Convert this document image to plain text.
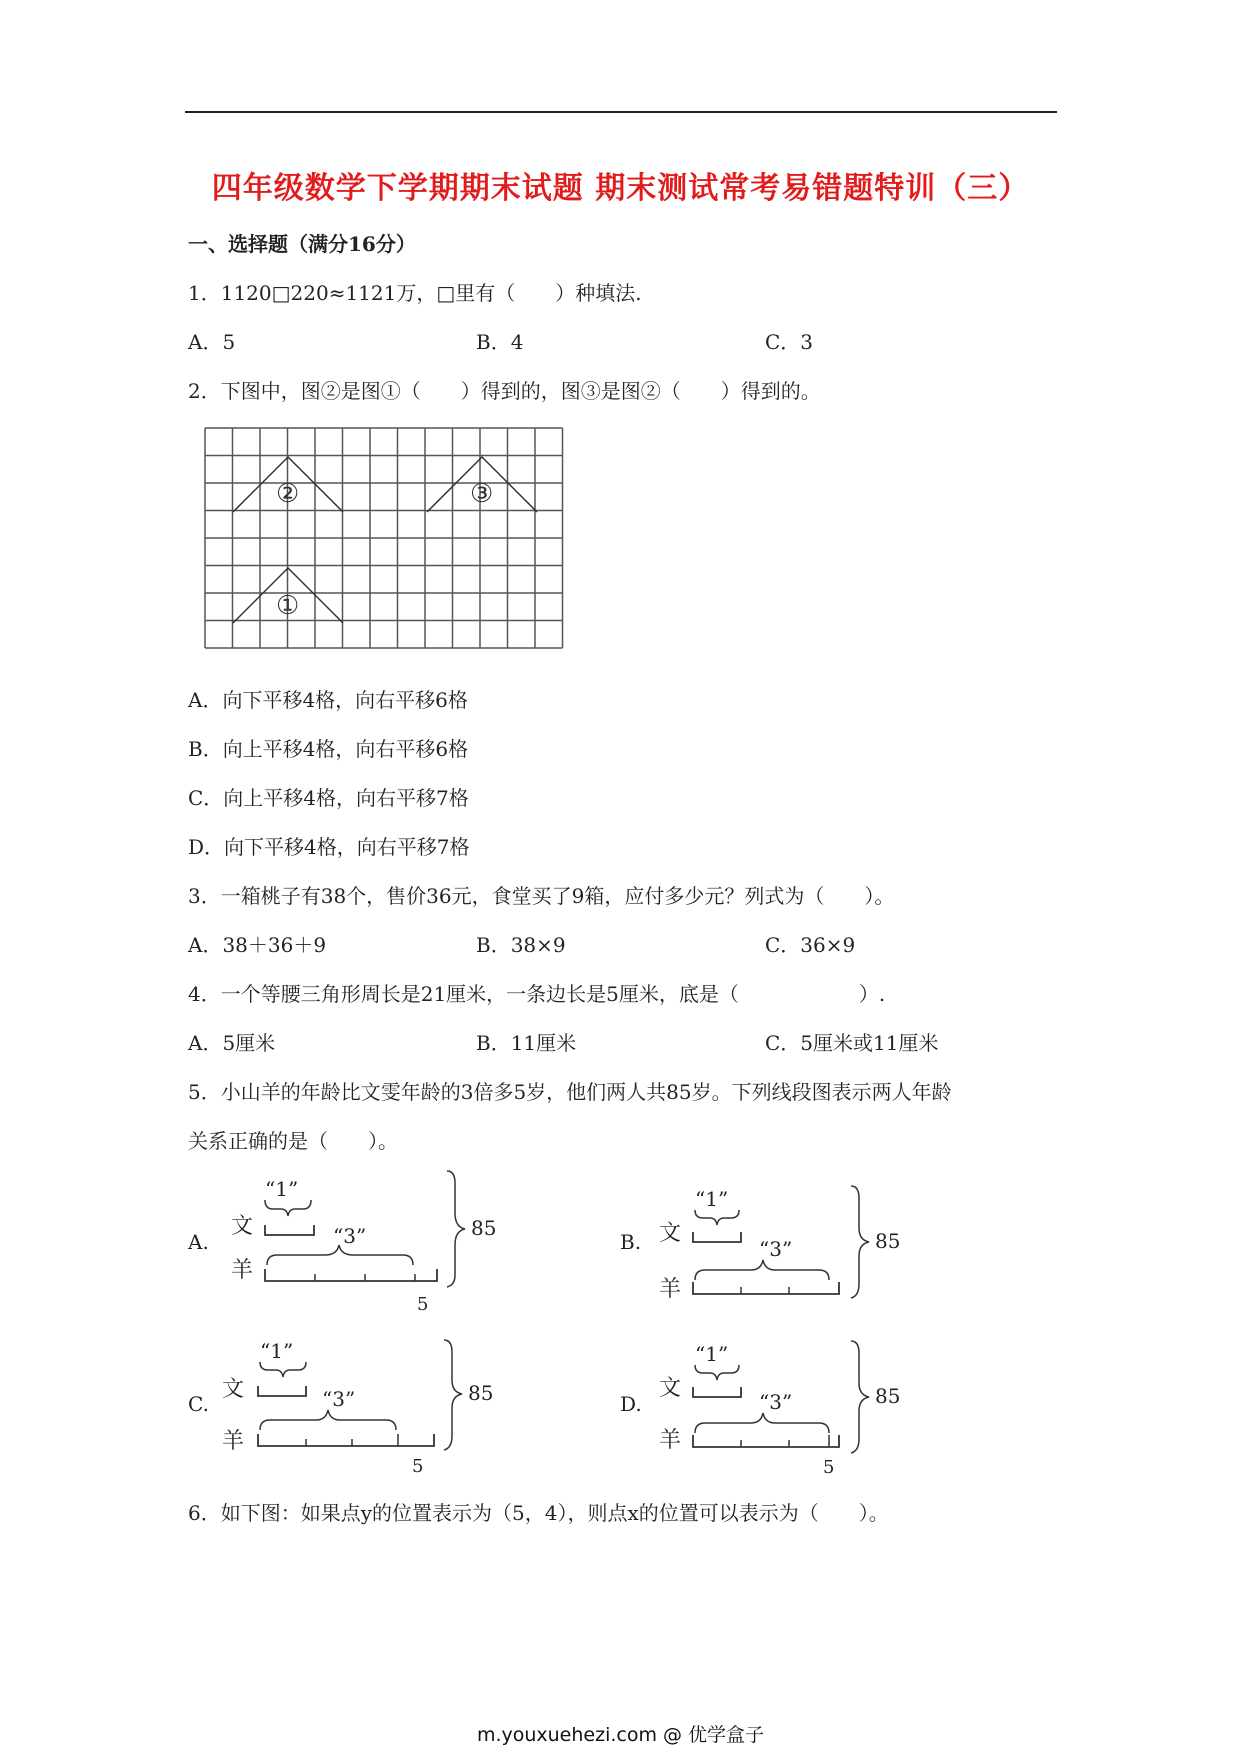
四年级数学下学期期末试题 期末测试常考易错题特训（三）
一、选择题（满分16分）
1．1120□220≈1121万，□里有（　　）种填法.
A．5	B．4	C．3
2．下图中，图②是图①（　　）得到的，图③是图②（　　）得到的。
②	③
①
A．向下平移4格，向右平移6格
B．向上平移4格，向右平移6格
C．向上平移4格，向右平移7格
D．向下平移4格，向右平移7格
3．一箱桃子有38个，售价36元，食堂买了9箱，应付多少元？列式为（　　）。
A．38＋36＋9	B．38×9	C．36×9
4．一个等腰三角形周长是21厘米，一条边长是5厘米，底是（　　　　　　）.
A．5厘米	B．11厘米	C．5厘米或11厘米
5．小山羊的年龄比文雯年龄的3倍多5岁，他们两人共85岁。下列线段图表示两人年龄
关系正确的是（　　）。
A.
“1”
文	“3”
羊
5
85
B.
“1”
文
“3”
羊
85
C.
“1”
文	“3”
羊
5
85	D.
“1”
文
“3”
羊
5
85
6．如下图：如果点y的位置表示为（5，4），则点x的位置可以表示为（　　）。
m.youxuehezi.com @ 优学盒子
